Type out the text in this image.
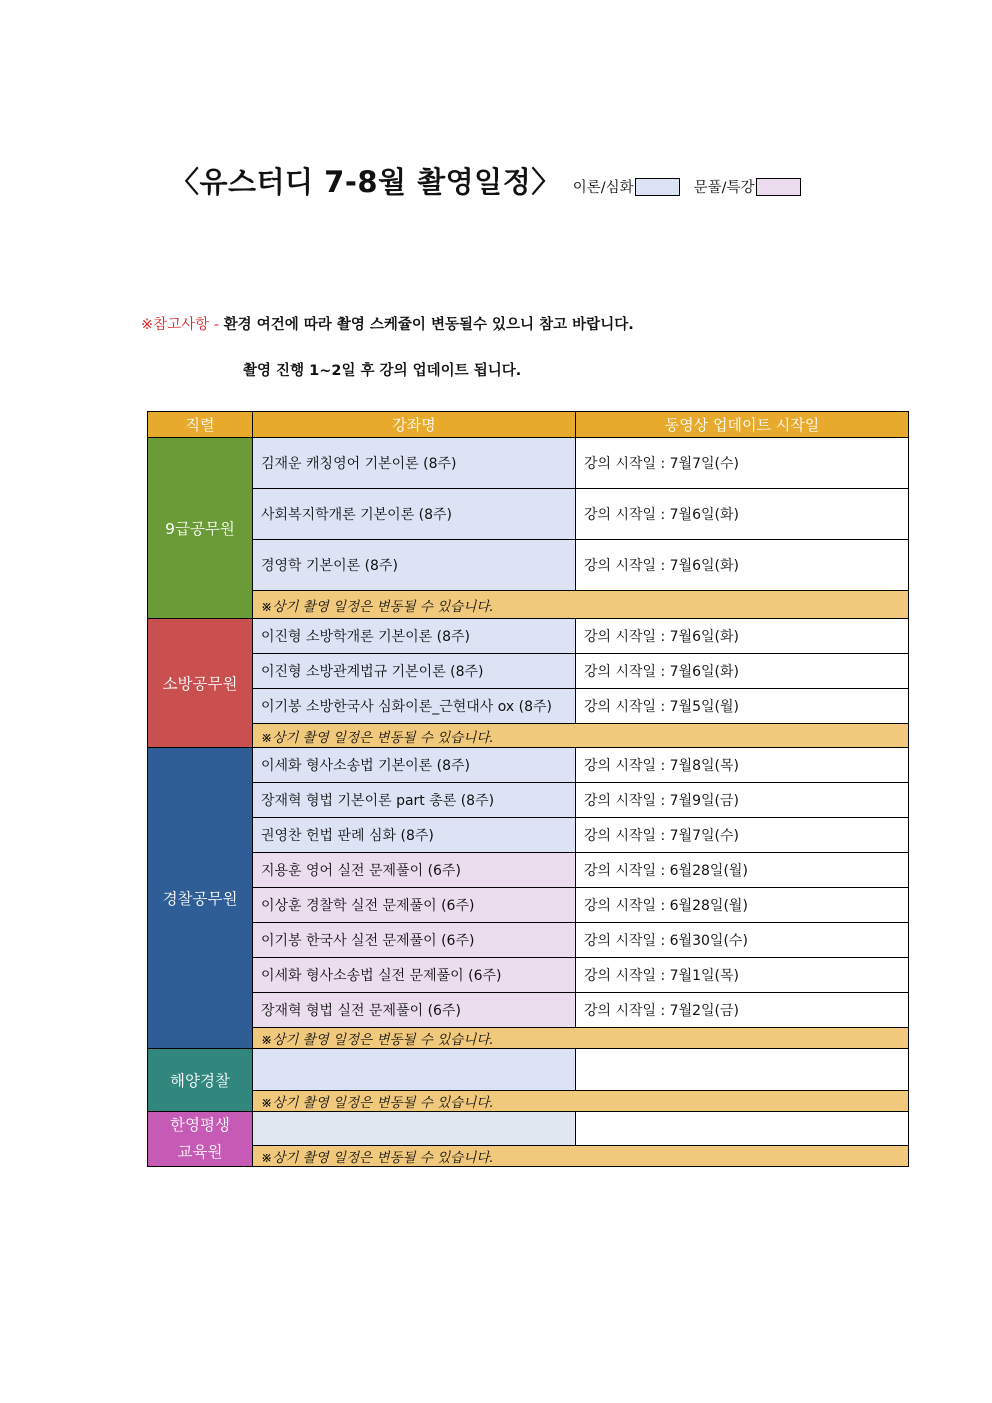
〈유스터디 7-8월 촬영일정〉 이론/심화	문풀/특강
※참고사항 - 환경 여건에 따라 촬영 스케쥴이 변동될수 있으니 참고 바랍니다.
촬영 진행 1~2일 후 강의 업데이트 됩니다.
직렬	강좌명	동영상 업데이트 시작일
9급공무원	김재운 캐칭영어 기본이론 (8주)	강의 시작일 : 7월7일(수)
	사회복지학개론 기본이론 (8주)	강의 시작일 : 7월6일(화)
	경영학 기본이론 (8주)	강의 시작일 : 7월6일(화)
	※상기 촬영 일정은 변동될 수 있습니다.	
소방공무원	이진형 소방학개론 기본이론 (8주)	강의 시작일 : 7월6일(화)
	이진형 소방관계법규 기본이론 (8주)	강의 시작일 : 7월6일(화)
	이기봉 소방한국사 심화이론_근현대사 ox (8주)	강의 시작일 : 7월5일(월)
	※상기 촬영 일정은 변동될 수 있습니다.	
경찰공무원	이세화 형사소송법 기본이론 (8주)	강의 시작일 : 7월8일(목)
	장재혁 형법 기본이론 part 총론 (8주)	강의 시작일 : 7월9일(금)
	권영찬 헌법 판례 심화 (8주)	강의 시작일 : 7월7일(수)
	지용훈 영어 실전 문제풀이 (6주)	강의 시작일 : 6월28일(월)
	이상훈 경찰학 실전 문제풀이 (6주)	강의 시작일 : 6월28일(월)
	이기봉 한국사 실전 문제풀이 (6주)	강의 시작일 : 6월30일(수)
	이세화 형사소송법 실전 문제풀이 (6주)	강의 시작일 : 7월1일(목)
	장재혁 형법 실전 문제풀이 (6주)	강의 시작일 : 7월2일(금)
	※상기 촬영 일정은 변동될 수 있습니다.	
해양경찰		
	※상기 촬영 일정은 변동될 수 있습니다.	
한영평생
교육원		
	※상기 촬영 일정은 변동될 수 있습니다.	
